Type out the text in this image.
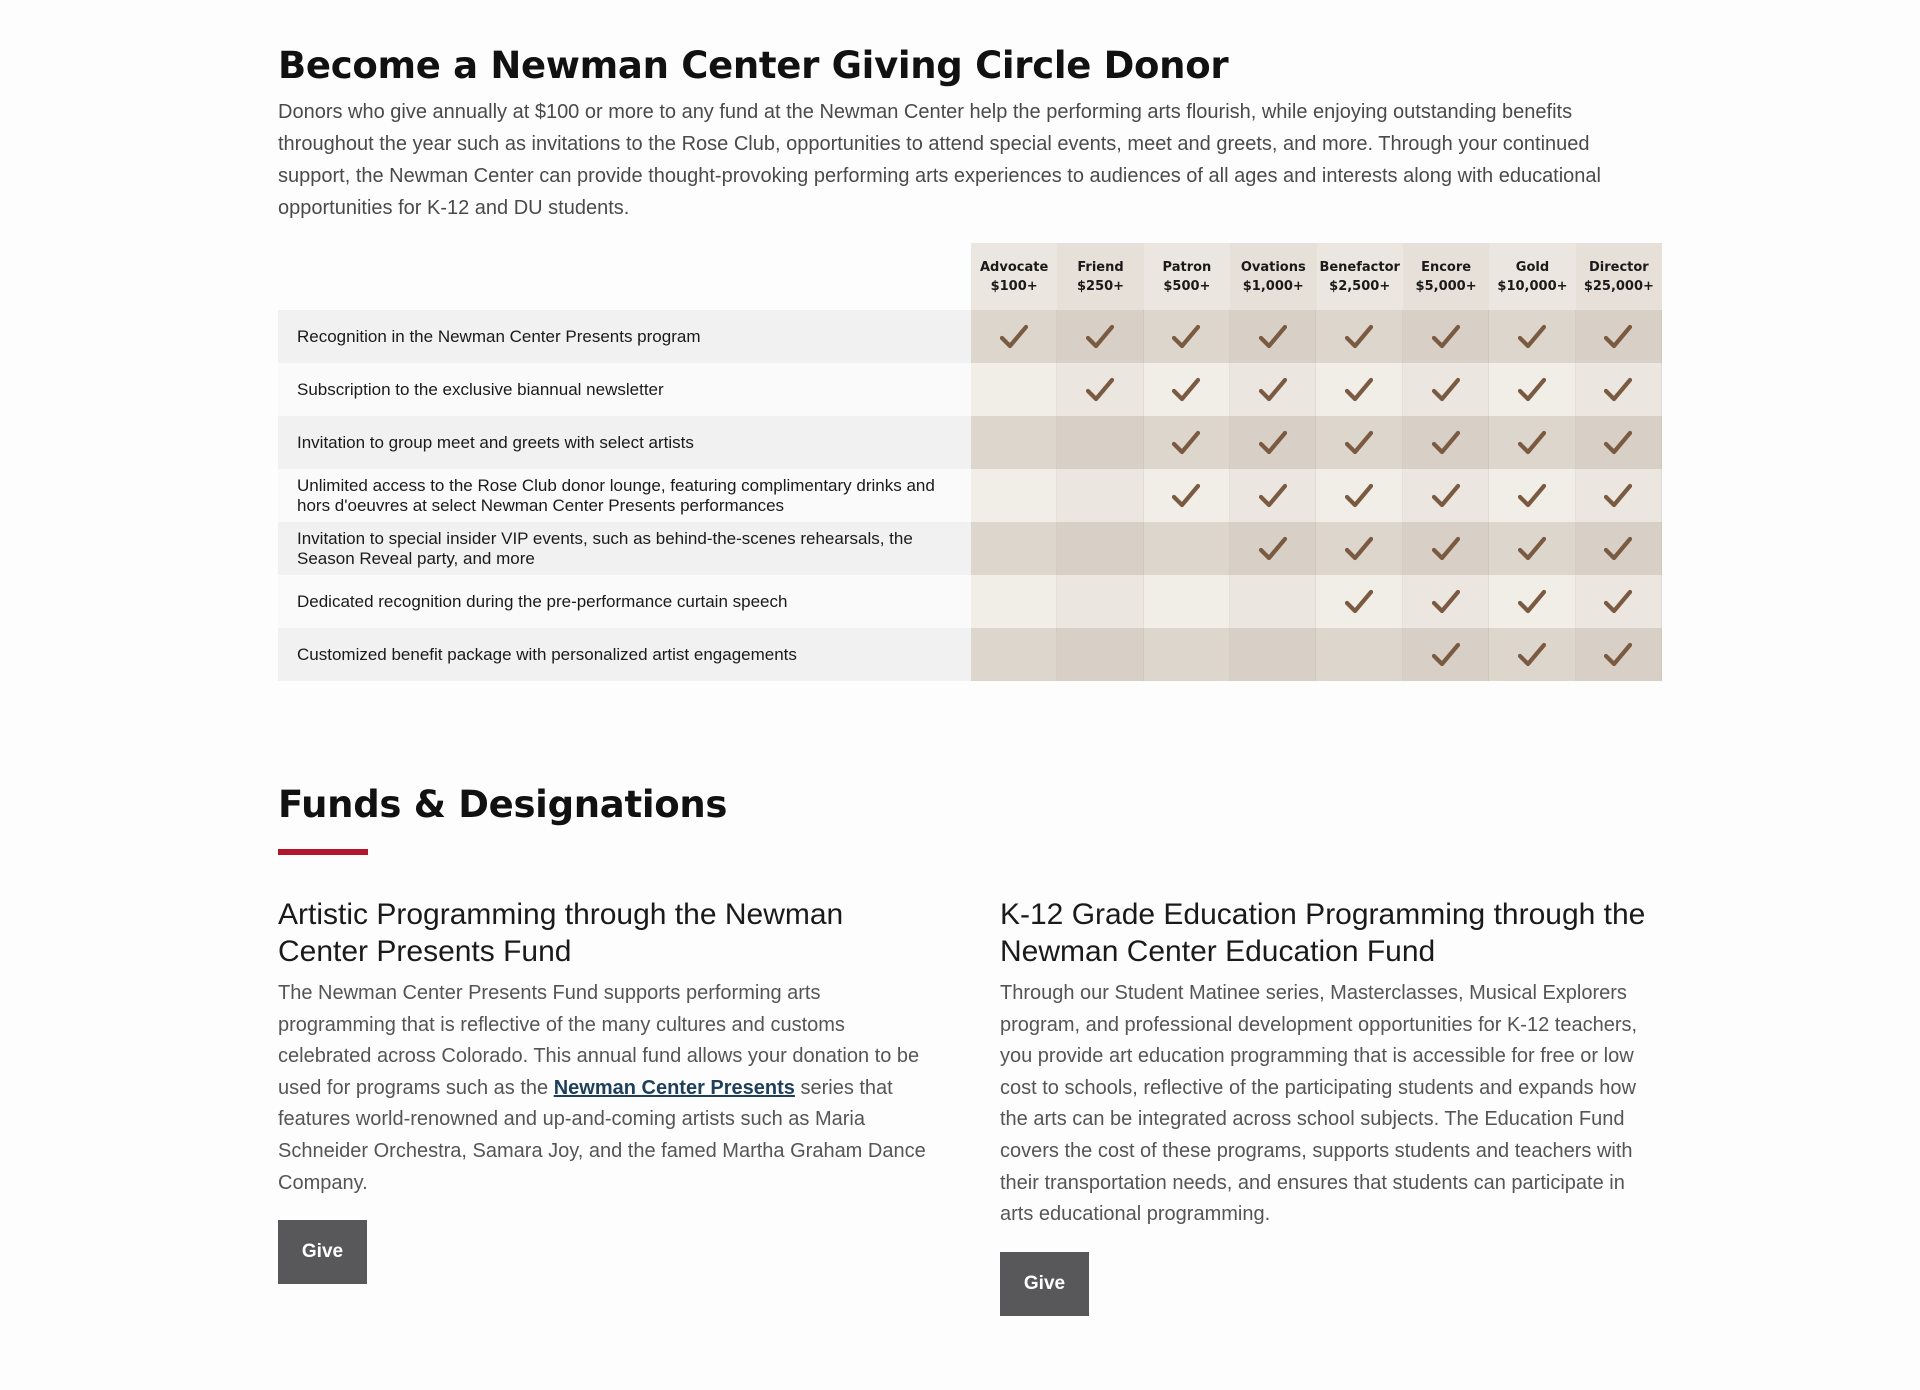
Become a Newman Center Giving Circle Donor

Donors who give annually at $100 or more to any fund at the Newman Center help the performing arts flourish, while enjoying outstanding benefits throughout the year such as invitations to the Rose Club, opportunities to attend special events, meet and greets, and more. Through your continued support, the Newman Center can provide thought-provoking performing arts experiences to audiences of all ages and interests along with educational opportunities for K-12 and DU students.

Advocate
$100+
Friend
$250+
Patron
$500+
Ovations
$1,000+
Benefactor
$2,500+
Encore
$5,000+
Gold
$10,000+
Director
$25,000+
Recognition in the Newman Center Presents program
Subscription to the exclusive biannual newsletter
Invitation to group meet and greets with select artists
Unlimited access to the Rose Club donor lounge, featuring complimentary drinks and hors d'oeuvres at select Newman Center Presents performances
Invitation to special insider VIP events, such as behind-the-scenes rehearsals, the Season Reveal party, and more
Dedicated recognition during the pre-performance curtain speech
Customized benefit package with personalized artist engagements
Funds & Designations
Artistic Programming through the Newman Center Presents Fund

The Newman Center Presents Fund supports performing arts programming that is reflective of the many cultures and customs celebrated across Colorado. This annual fund allows your donation to be used for programs such as the Newman Center Presents series that features world-renowned and up-and-coming artists such as Maria Schneider Orchestra, Samara Joy, and the famed Martha Graham Dance Company.

Give
K-12 Grade Education Programming through the Newman Center Education Fund

Through our Student Matinee series, Masterclasses, Musical Explorers program, and professional development opportunities for K-12 teachers, you provide art education programming that is accessible for free or low cost to schools, reflective of the participating students and expands how the arts can be integrated across school subjects. The Education Fund covers the cost of these programs, supports students and teachers with their transportation needs, and ensures that students can participate in arts educational programming.

Give
